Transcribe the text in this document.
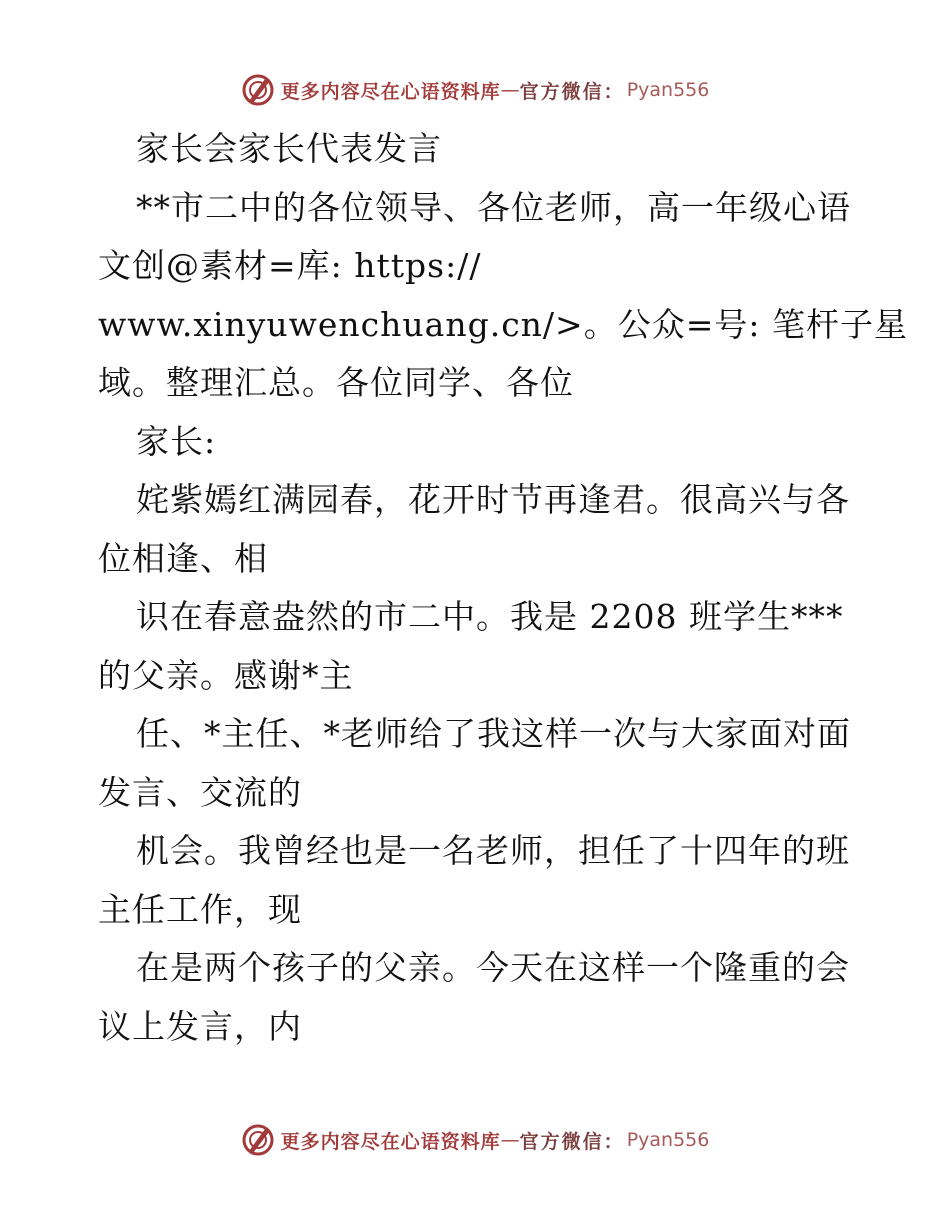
更多内容尽在心语资料库 — 官方微信： Pyan556
家长会家长代表发言
**市二中的各位领导、各位老师，高一年级心语
文创@素材=库: https://
www.xinyuwenchuang.cn/>。公众=号: 笔杆子星
域。整理汇总。各位同学、各位
家长:
姹紫嫣红满园春，花开时节再逢君。很高兴与各
位相逢、相
识在春意盎然的市二中。我是 2208 班学生***
的父亲。感谢*主
任、*主任、*老师给了我这样一次与大家面对面
发言、交流的
机会。我曾经也是一名老师，担任了十四年的班
主任工作，现
在是两个孩子的父亲。今天在这样一个隆重的会
议上发言，内
更多内容尽在心语资料库 — 官方微信： Pyan556
